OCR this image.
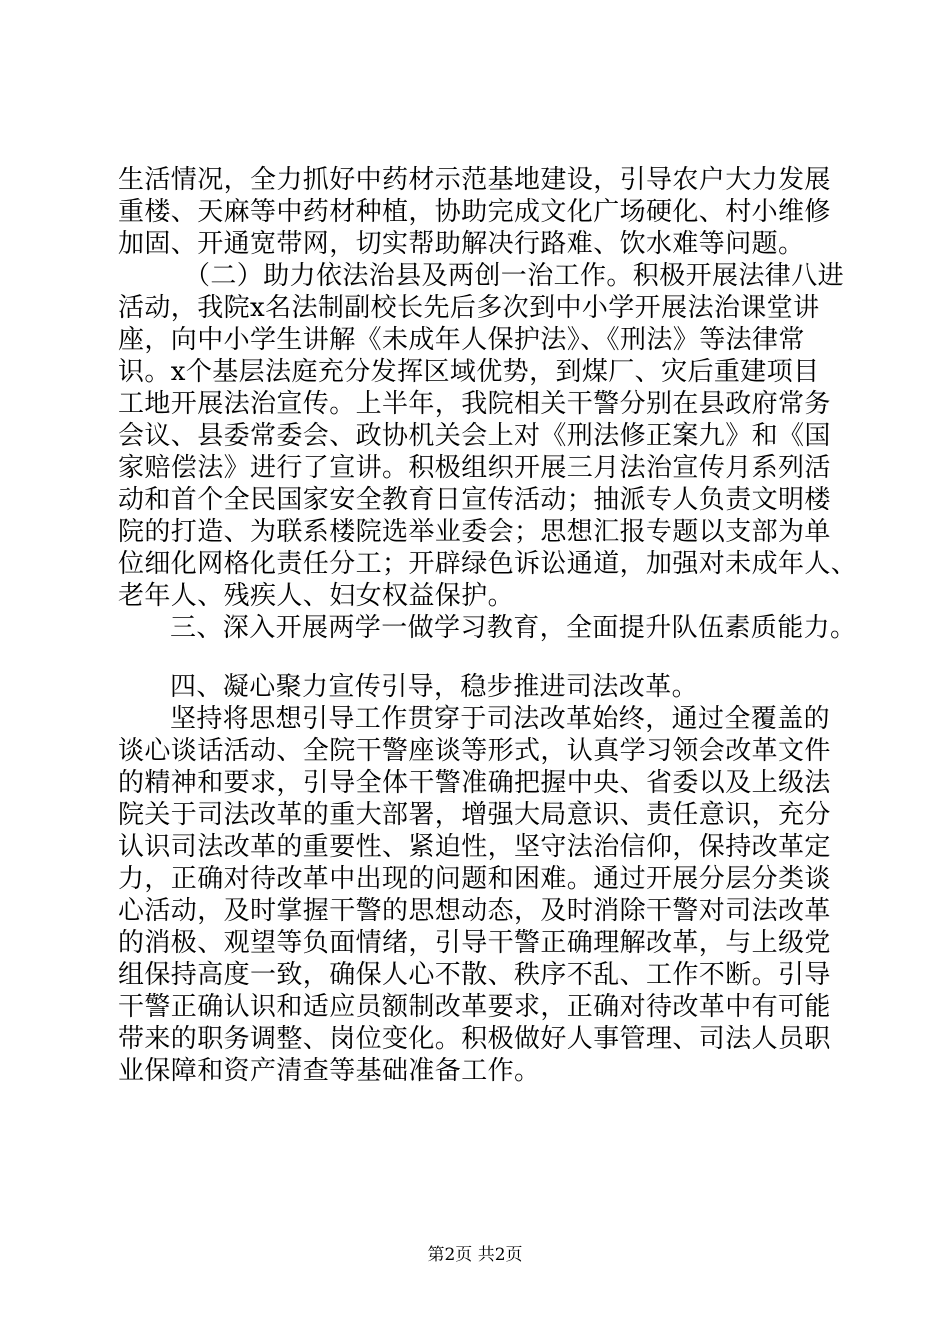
生活情况，全力抓好中药材示范基地建设，引导农户大力发展
重楼、天麻等中药材种植，协助完成文化广场硬化、村小维修
加固、开通宽带网，切实帮助解决行路难、饮水难等问题。
（二）助力依法治县及两创一治工作。积极开展法律八进
活动，我院x名法制副校长先后多次到中小学开展法治课堂讲
座，向中小学生讲解《未成年人保护法》、《刑法》等法律常
识。x个基层法庭充分发挥区域优势，到煤厂、灾后重建项目
工地开展法治宣传。上半年，我院相关干警分别在县政府常务
会议、县委常委会、政协机关会上对《刑法修正案九》和《国
家赔偿法》进行了宣讲。积极组织开展三月法治宣传月系列活
动和首个全民国家安全教育日宣传活动；抽派专人负责文明楼
院的打造、为联系楼院选举业委会；思想汇报专题以支部为单
位细化网格化责任分工；开辟绿色诉讼通道，加强对未成年人、
老年人、残疾人、妇女权益保护。
三、深入开展两学一做学习教育，全面提升队伍素质能力。
四、凝心聚力宣传引导，稳步推进司法改革。
坚持将思想引导工作贯穿于司法改革始终，通过全覆盖的
谈心谈话活动、全院干警座谈等形式，认真学习领会改革文件
的精神和要求，引导全体干警准确把握中央、省委以及上级法
院关于司法改革的重大部署，增强大局意识、责任意识，充分
认识司法改革的重要性、紧迫性，坚守法治信仰，保持改革定
力，正确对待改革中出现的问题和困难。通过开展分层分类谈
心活动，及时掌握干警的思想动态，及时消除干警对司法改革
的消极、观望等负面情绪，引导干警正确理解改革，与上级党
组保持高度一致，确保人心不散、秩序不乱、工作不断。引导
干警正确认识和适应员额制改革要求，正确对待改革中有可能
带来的职务调整、岗位变化。积极做好人事管理、司法人员职
业保障和资产清查等基础准备工作。
第2页 共2页
